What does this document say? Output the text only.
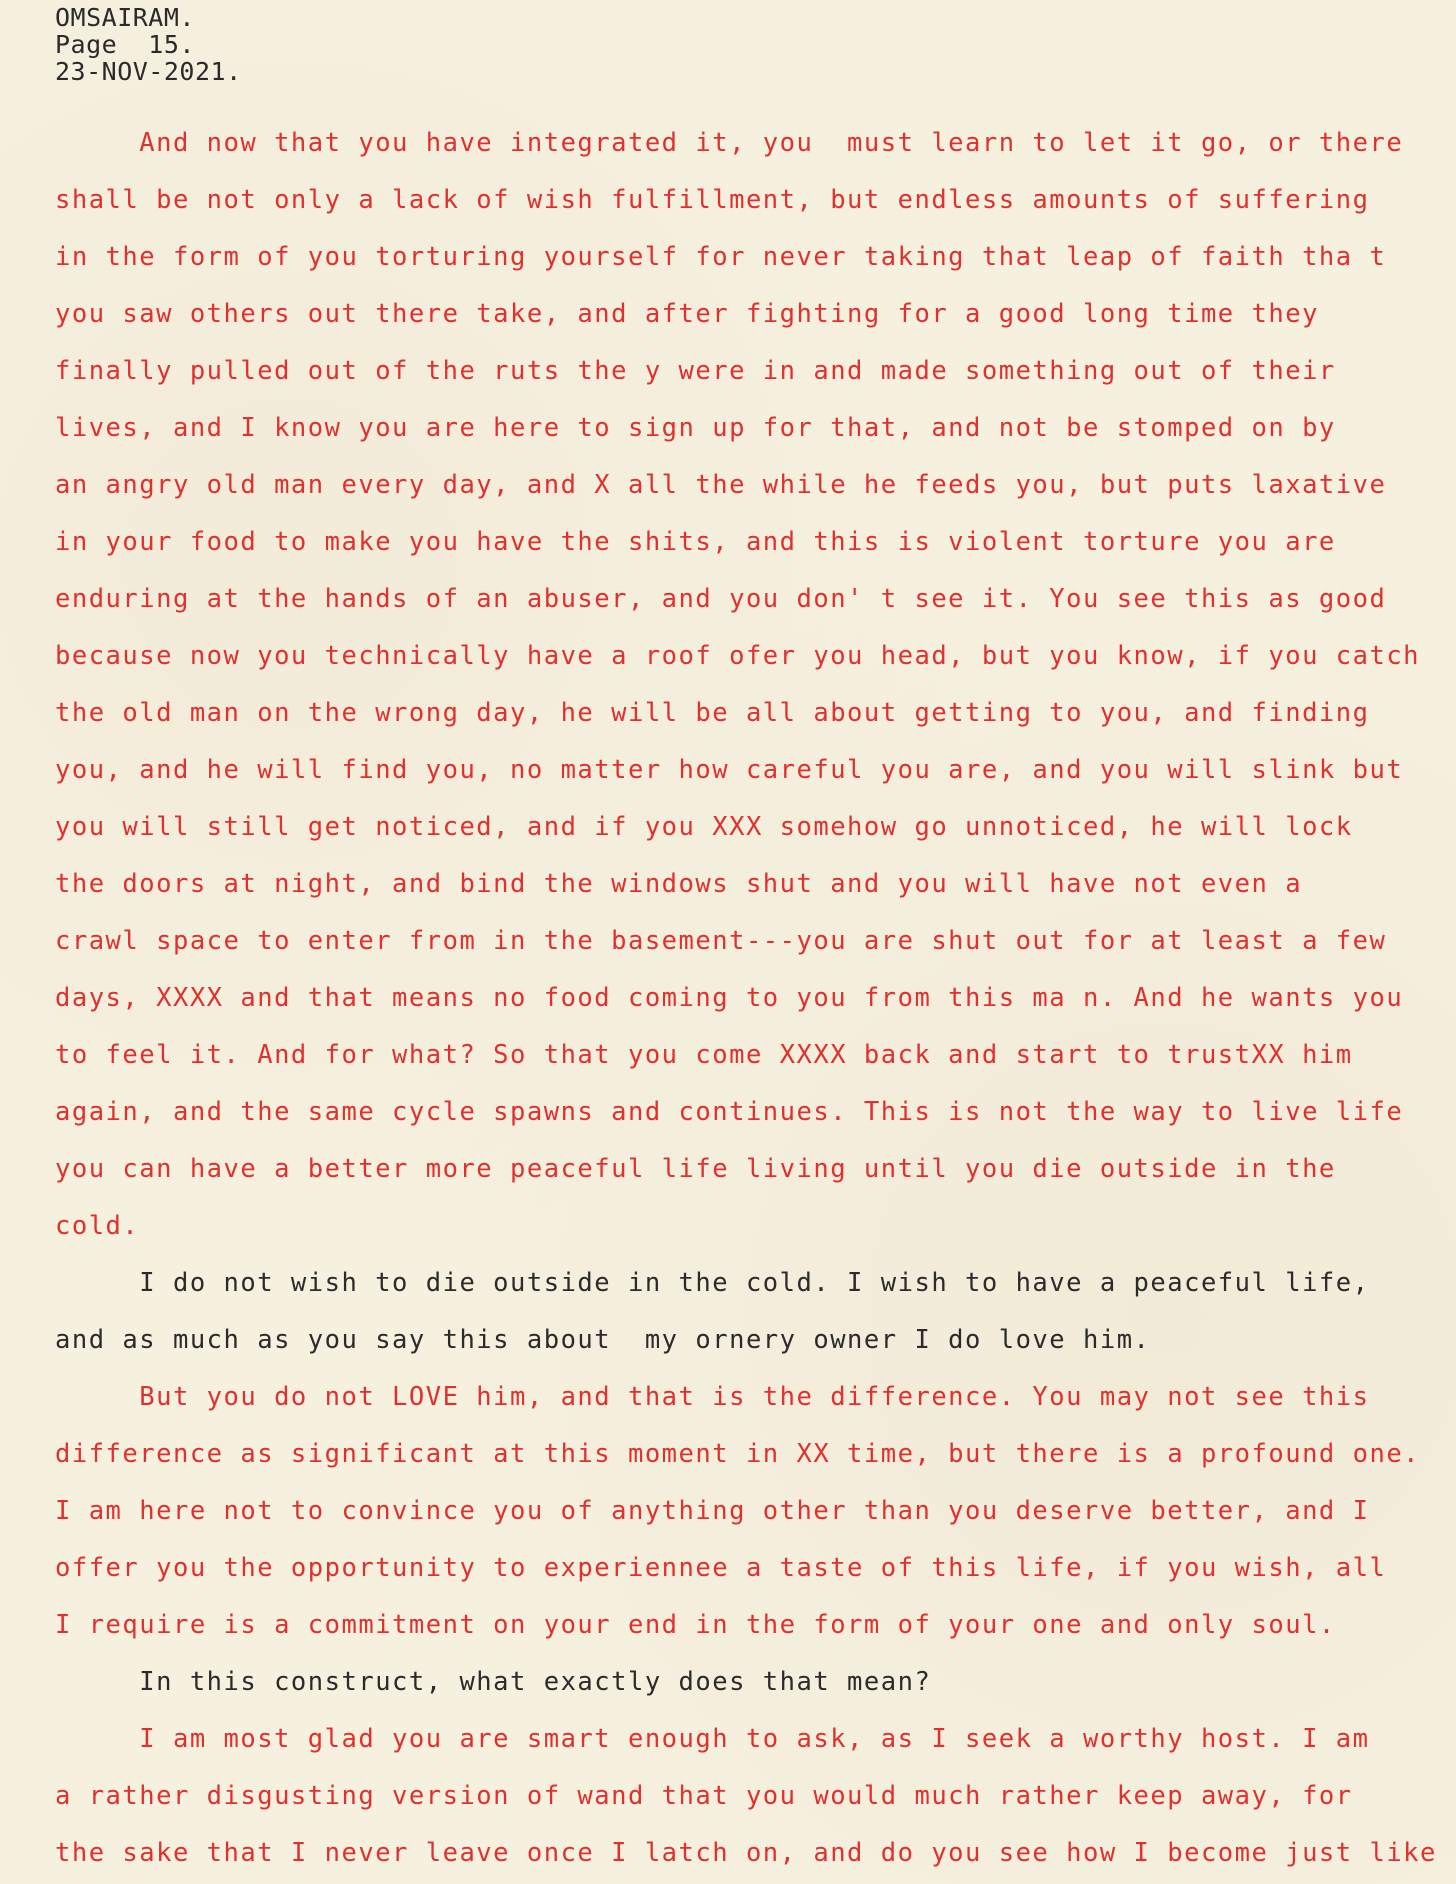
OMSAIRAM.
Page  15.
23-NOV-2021.
And now that you have integrated it, you  must learn to let it go, or there
shall be not only a lack of wish fulfillment, but endless amounts of suffering
in the form of you torturing yourself for never taking that leap of faith tha t
you saw others out there take, and after fighting for a good long time they
finally pulled out of the ruts the y were in and made something out of their
lives, and I know you are here to sign up for that, and not be stomped on by
an angry old man every day, and X all the while he feeds you, but puts laxative
in your food to make you have the shits, and this is violent torture you are
enduring at the hands of an abuser, and you don' t see it. You see this as good
because now you technically have a roof ofer you head, but you know, if you catch
the old man on the wrong day, he will be all about getting to you, and finding
you, and he will find you, no matter how careful you are, and you will slink but
you will still get noticed, and if you XXX somehow go unnoticed, he will lock
the doors at night, and bind the windows shut and you will have not even a
crawl space to enter from in the basement---you are shut out for at least a few
days, XXXX and that means no food coming to you from this ma n. And he wants you
to feel it. And for what? So that you come XXXX back and start to trustXX him
again, and the same cycle spawns and continues. This is not the way to live life
you can have a better more peaceful life living until you die outside in the
cold.
I do not wish to die outside in the cold. I wish to have a peaceful life,
and as much as you say this about  my ornery owner I do love him.
But you do not LOVE him, and that is the difference. You may not see this
difference as significant at this moment in XX time, but there is a profound one.
I am here not to convince you of anything other than you deserve better, and I
offer you the opportunity to experiennee a taste of this life, if you wish, all
I require is a commitment on your end in the form of your one and only soul.
In this construct, what exactly does that mean?
I am most glad you are smart enough to ask, as I seek a worthy host. I am
a rather disgusting version of wand that you would much rather keep away, for
the sake that I never leave once I latch on, and do you see how I become just like
